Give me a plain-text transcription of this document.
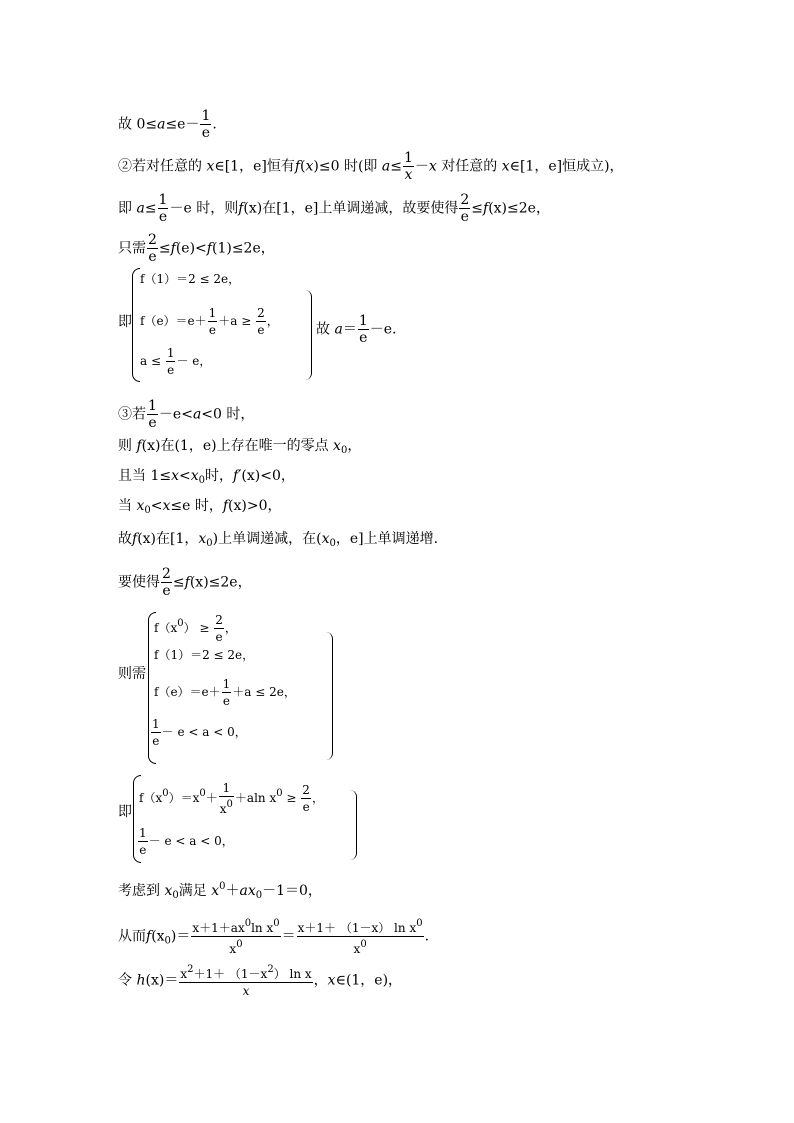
故 $0\le a\le e- \frac{1}{e}$ .
②若对任意的 x∈[1，e]恒有f(x)≤0 时(即 $a\le \frac{1}{x} -x$ 对任意的 x∈[1，e]恒成立)，
即 $a\le \frac{1}{e} -e$ 时，则f(x)在[1，e]上单调递减，故要使得 $\frac{2}{e} \le f(x)\le 2e$，
只需 $\frac{2}{e} \le f(e)<f(1)\le 2e$，
即
f（1）＝2 ≤ 2e，
$f(e)=e+ \frac{1}{e} +a \ge \frac{2}{e}$ ，
$a \le \frac{1}{e} - e$，
故 $a= \frac{1}{e} -e$.
③若 $\frac{1}{e} -e<a<0$ 时，
则 f(x)在(1，e)上存在唯一的零点 $x_0$，
且当 $1\le x<x_0$时，f′(x)<0，
当 $x_0<x\le e$ 时，f(x)>0，
故f(x)在[1，$x_0$)上单调递减，在($x_0$，e]上单调递增.
要使得 $\frac{2}{e} \le f(x)\le 2e$，
则需
$f(x^0) \ge \frac{2}{e}$ ，
f（1）＝2 ≤ 2e，
$f(e)=e+ \frac{1}{e} +a \le 2e$，
$\frac{1}{e} - e < a < 0$，
即
$f(x^0)=x^0+ \frac{1}{x^0} +aln$ $x^0 \ge \frac{2}{e}$ ，
$\frac{1}{e} - e < a < 0$，
考虑到 $x_0$满足 $x^0+ax_0-1=0$，
从而$f(x_0)= \frac{x+1+ax^0\ln x^0}{x^0} = \frac{x+1+ (1-x) \ln x^0}{x^0}$ .
令 $h(x)= \frac{x^2+1+ (1-x^2) \ln x}{x}$ ，x∈(1，e)，
